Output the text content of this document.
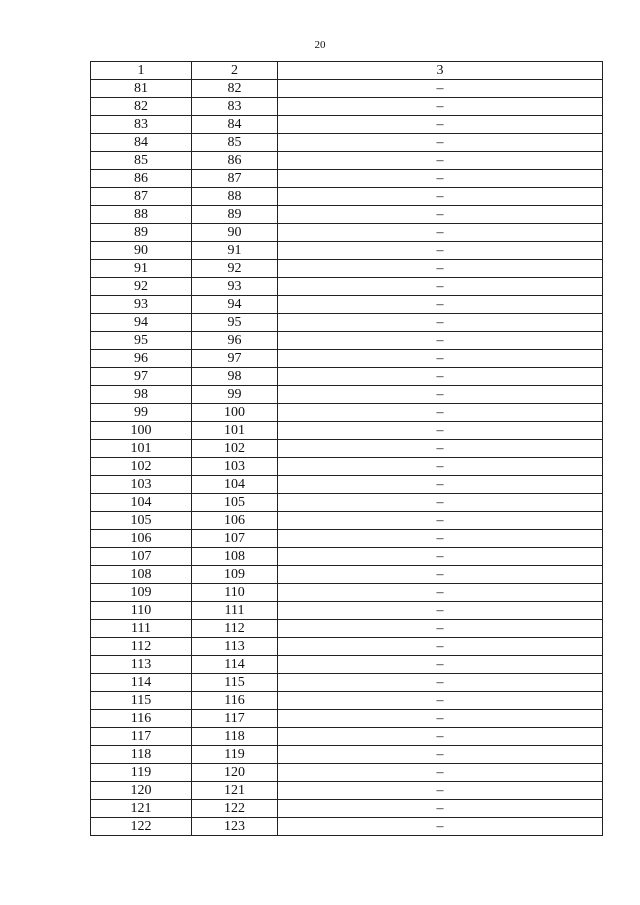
20
1	2	3
81	82	–
82	83	–
83	84	–
84	85	–
85	86	–
86	87	–
87	88	–
88	89	–
89	90	–
90	91	–
91	92	–
92	93	–
93	94	–
94	95	–
95	96	–
96	97	–
97	98	–
98	99	–
99	100	–
100	101	–
101	102	–
102	103	–
103	104	–
104	105	–
105	106	–
106	107	–
107	108	–
108	109	–
109	110	–
110	111	–
111	112	–
112	113	–
113	114	–
114	115	–
115	116	–
116	117	–
117	118	–
118	119	–
119	120	–
120	121	–
121	122	–
122	123	–
